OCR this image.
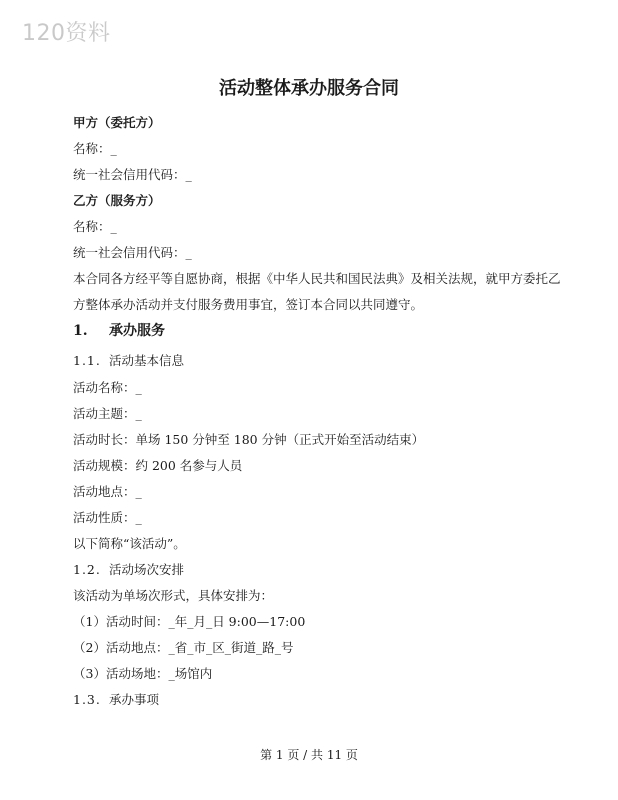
120资料
活动整体承办服务合同
甲方（委托方）
名称：_
统一社会信用代码：_
乙方（服务方）
名称：_
统一社会信用代码：_
本合同各方经平等自愿协商，根据《中华人民共和国民法典》及相关法规，就甲方委托乙
方整体承办活动并支付服务费用事宜，签订本合同以共同遵守。
1. 承办服务
1.1. 活动基本信息
活动名称：_
活动主题：_
活动时长：单场 150 分钟至 180 分钟（正式开始至活动结束）
活动规模：约 200 名参与人员
活动地点：_
活动性质：_
以下简称“该活动”。
1.2. 活动场次安排
该活动为单场次形式，具体安排为：
（1）活动时间：_年_月_日 9:00—17:00
（2）活动地点：_省_市_区_街道_路_号
（3）活动场地：_场馆内
1.3. 承办事项
第 1 页 / 共 11 页
